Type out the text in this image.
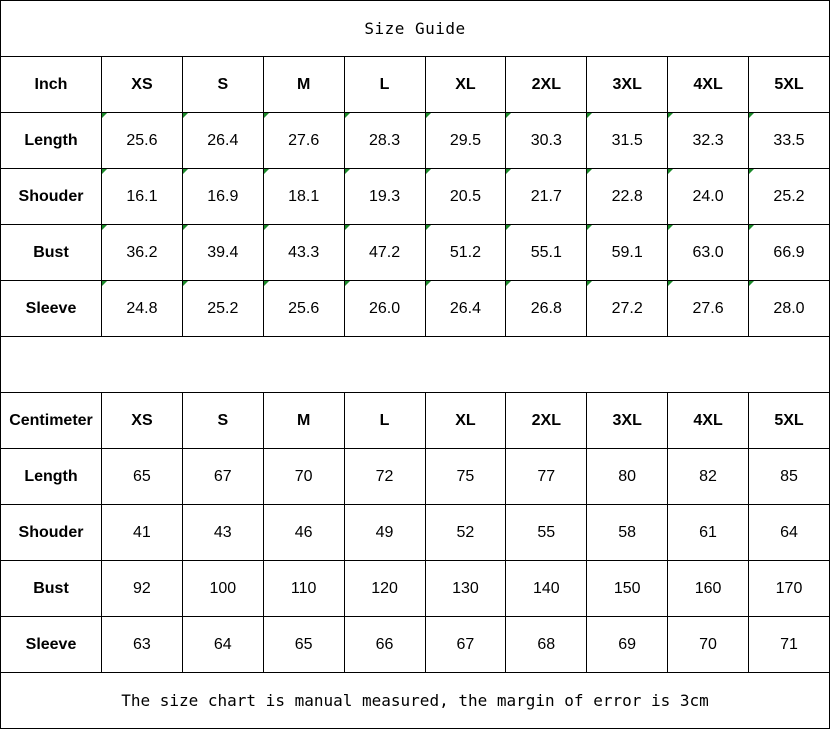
Size Guide									
Inch	XS	S	M	L	XL	2XL	3XL	4XL	5XL
Length	25.6	26.4	27.6	28.3	29.5	30.3	31.5	32.3	33.5
Shouder	16.1	16.9	18.1	19.3	20.5	21.7	22.8	24.0	25.2
Bust	36.2	39.4	43.3	47.2	51.2	55.1	59.1	63.0	66.9
Sleeve	24.8	25.2	25.6	26.0	26.4	26.8	27.2	27.6	28.0

Centimeter	XS	S	M	L	XL	2XL	3XL	4XL	5XL
Length	65	67	70	72	75	77	80	82	85
Shouder	41	43	46	49	52	55	58	61	64
Bust	92	100	110	120	130	140	150	160	170
Sleeve	63	64	65	66	67	68	69	70	71
The size chart is manual measured, the margin of error is 3cm									
